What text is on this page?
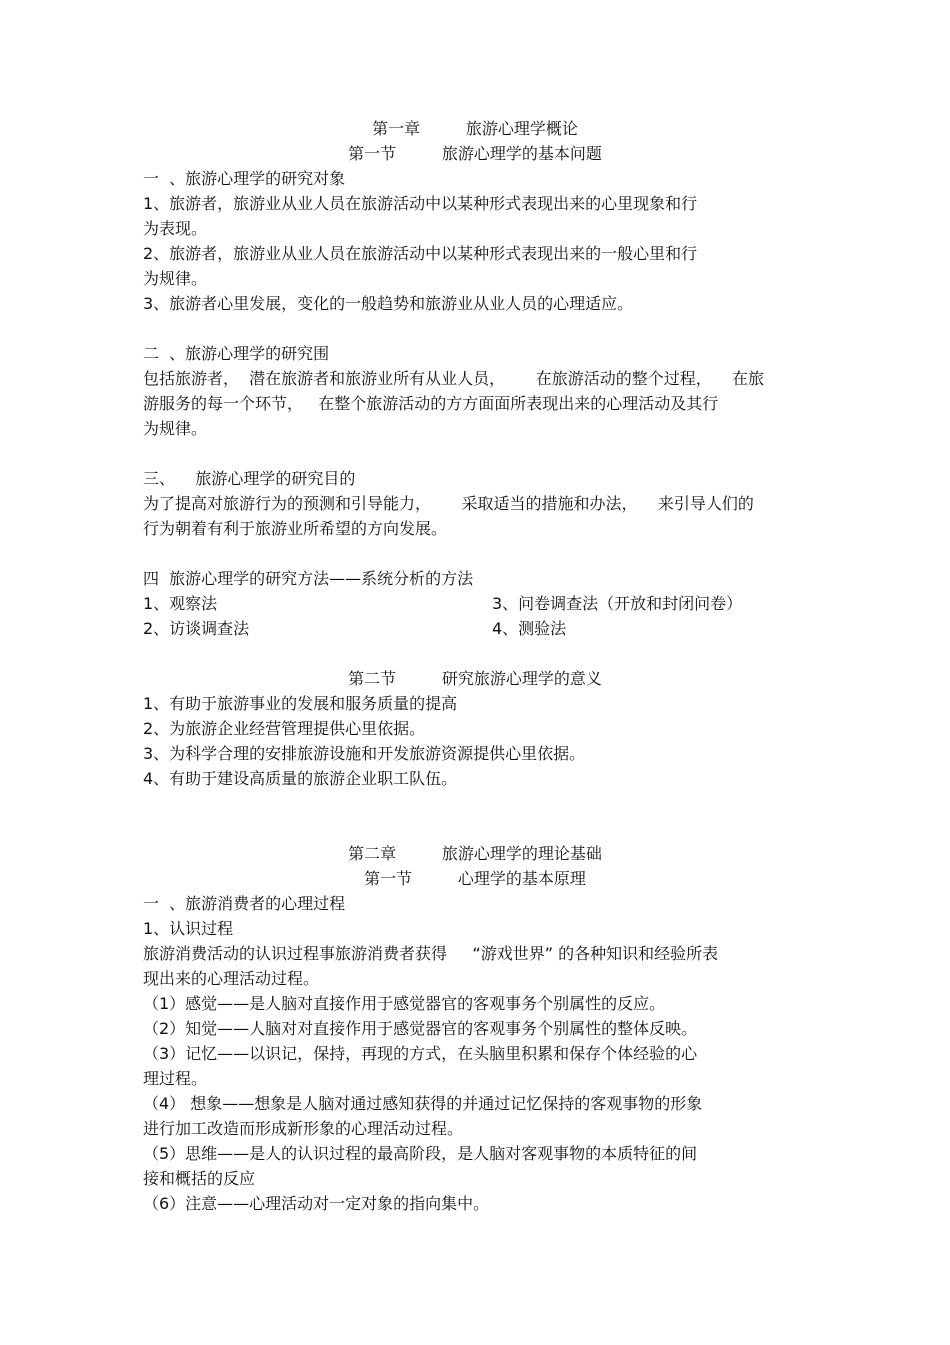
第一章         旅游心理学概论
第一节         旅游心理学的基本问题
一  、旅游心理学的研究对象
1、旅游者，旅游业从业人员在旅游活动中以某种形式表现出来的心里现象和行
为表现。
2、旅游者，旅游业从业人员在旅游活动中以某种形式表现出来的一般心里和行
为规律。
3、旅游者心里发展，变化的一般趋势和旅游业从业人员的心理适应。
二  、旅游心理学的研究围
包括旅游者，  潜在旅游者和旅游业所有从业人员，      在旅游活动的整个过程，    在旅
游服务的每一个环节，   在整个旅游活动的方方面面所表现出来的心理活动及其行
为规律。
三、    旅游心理学的研究目的
为了提高对旅游行为的预测和引导能力，      采取适当的措施和办法，    来引导人们的
行为朝着有利于旅游业所希望的方向发展。
四  旅游心理学的研究方法——系统分析的方法
1、观察法	3、问卷调查法（开放和封闭问卷）
2、访谈调查法	4、测验法
第二节         研究旅游心理学的意义
1、有助于旅游事业的发展和服务质量的提高
2、为旅游企业经营管理提供心里依据。
3、为科学合理的安排旅游设施和开发旅游资源提供心里依据。
4、有助于建设高质量的旅游企业职工队伍。
第二章         旅游心理学的理论基础
第一节         心理学的基本原理
一  、旅游消费者的心理过程
1、认识过程
旅游消费活动的认识过程事旅游消费者获得     “游戏世界” 的各种知识和经验所表
现出来的心理活动过程。
（1）感觉——是人脑对直接作用于感觉器官的客观事务个别属性的反应。
（2）知觉——人脑对对直接作用于感觉器官的客观事务个别属性的整体反映。
（3）记忆——以识记，保持，再现的方式，在头脑里积累和保存个体经验的心
理过程。
（4） 想象——想象是人脑对通过感知获得的并通过记忆保持的客观事物的形象
进行加工改造而形成新形象的心理活动过程。
（5）思维——是人的认识过程的最高阶段，是人脑对客观事物的本质特征的间
接和概括的反应
（6）注意——心理活动对一定对象的指向集中。
